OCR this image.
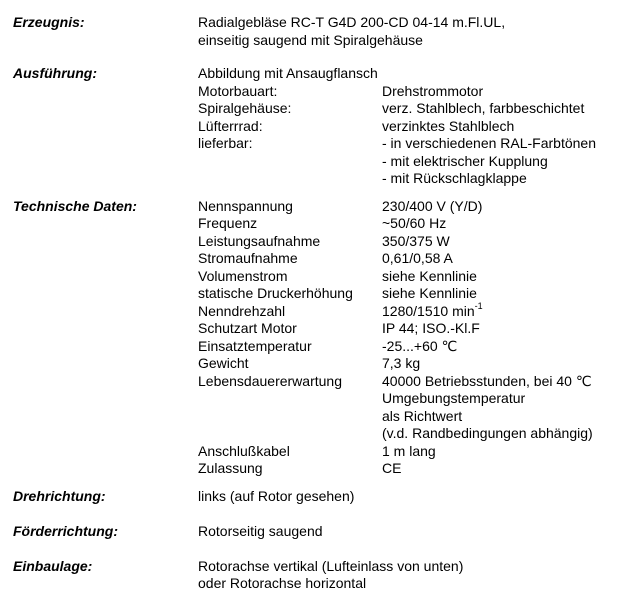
Erzeugnis:	Radialgebläse RC-T G4D 200-CD 04-14 m.Fl.UL,
einseitig saugend mit Spiralgehäuse
Ausführung:	Abbildung mit Ansaugflansch
Motorbauart:	Drehstrommotor
Spiralgehäuse:	verz. Stahlblech, farbbeschichtet
Lüfterrrad:	verzinktes Stahlblech
lieferbar:	- in verschiedenen RAL-Farbtönen
- mit elektrischer Kupplung
- mit Rückschlagklappe
Technische Daten:	Nennspannung	230/400 V (Y/D)
Frequenz	~50/60 Hz
Leistungsaufnahme	350/375 W
Stromaufnahme	0,61/0,58 A
Volumenstrom	siehe Kennlinie
statische Druckerhöhung	siehe Kennlinie
Nenndrehzahl	1280/1510 $\min^{-1}$
Schutzart Motor	IP 44; ISO.-Kl.F
Einsatztemperatur	-25...+60 ℃
Gewicht	7,3 kg
Lebensdauererwartung	40000 Betriebsstunden, bei 40 ℃
Umgebungstemperatur
als Richtwert
(v.d. Randbedingungen abhängig)
Anschlußkabel	1 m lang
Zulassung	CE
Drehrichtung:	links (auf Rotor gesehen)
Förderrichtung:	Rotorseitig saugend
Einbaulage:	Rotorachse vertikal (Lufteinlass von unten)
oder Rotorachse horizontal
